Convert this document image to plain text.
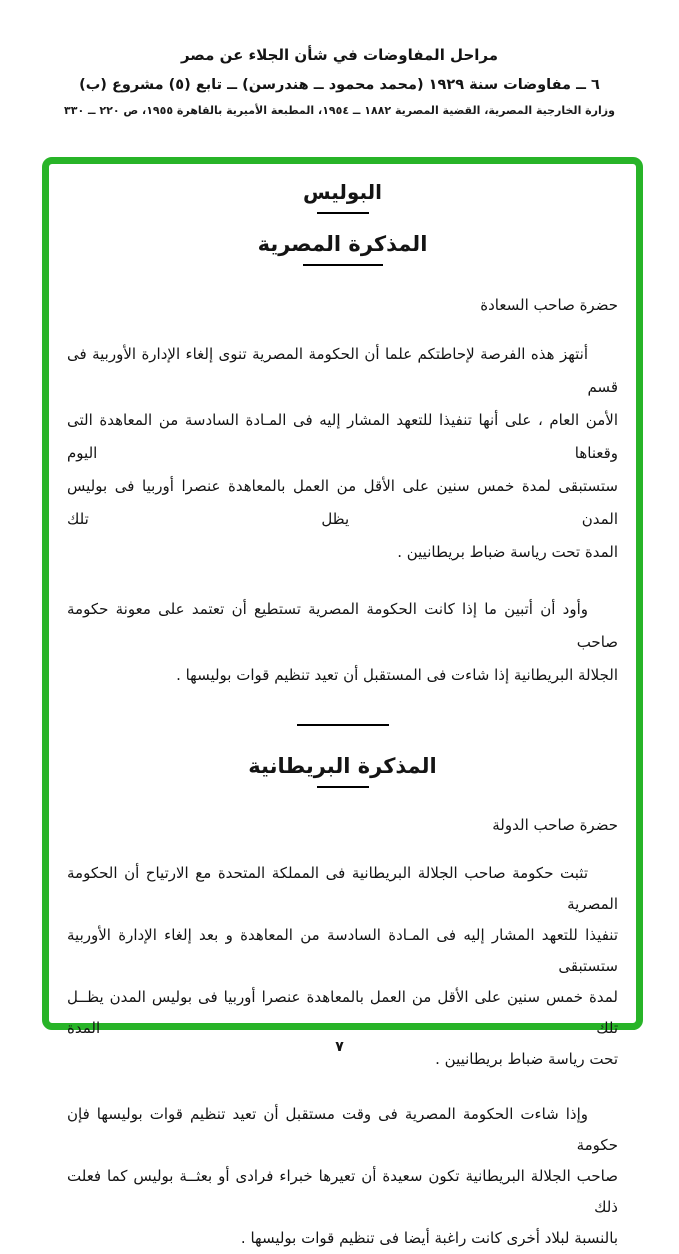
مراحل المفاوضات في شأن الجلاء عن مصر
٦ ــ مفاوضات سنة ١٩٢٩ (محمد محمود ــ هندرسن) ــ تابع (٥) مشروع (ب)
وزارة الخارجية المصرية، القضية المصرية ١٨٨٢ ــ ١٩٥٤، المطبعة الأميرية بالقاهرة ١٩٥٥، ص ٢٢٠ ــ ٣٣٠
البوليس
المذكرة المصرية
حضرة صاحب السعادة
أنتهز هذه الفرصة لإحاطتكم علما أن الحكومة المصرية تنوى إلغاء الإدارة الأوربية فى قسم
الأمن العام ، على أنها تنفيذا للتعهد المشار إليه فى المـادة السادسة من المعاهدة التى وقعناها اليوم
ستستبقى لمدة خمس سنين على الأقل من العمل بالمعاهدة عنصرا أوربيا فى بوليس المدن يظل تلك
المدة تحت رياسة ضباط بريطانيين .
وأود أن أتبين ما إذا كانت الحكومة المصرية تستطيع أن تعتمد على معونة حكومة صاحب
الجلالة البريطانية إذا شاءت فى المستقبل أن تعيد تنظيم قوات بوليسها .
المذكرة البريطانية
حضرة صاحب الدولة
تثبت حكومة صاحب الجلالة البريطانية فى المملكة المتحدة مع الارتياح أن الحكومة المصرية
تنفيذا للتعهد المشار إليه فى المـادة السادسة من المعاهدة و بعد إلغاء الإدارة الأوربية ستستبقى
لمدة خمس سنين على الأقل من العمل بالمعاهدة عنصرا أوربيا فى بوليس المدن يظــل تلك المدة
تحت رياسة ضباط بريطانيين .
وإذا شاءت الحكومة المصرية فى وقت مستقبل أن تعيد تنظيم قوات بوليسها فإن حكومة
صاحب الجلالة البريطانية تكون سعيدة أن تعيرها خبراء فرادى أو بعثــة بوليس كما فعلت ذلك
بالنسبة لبلاد أخرى كانت راغبة أيضا فى تنظيم قوات بوليسها .
٧
